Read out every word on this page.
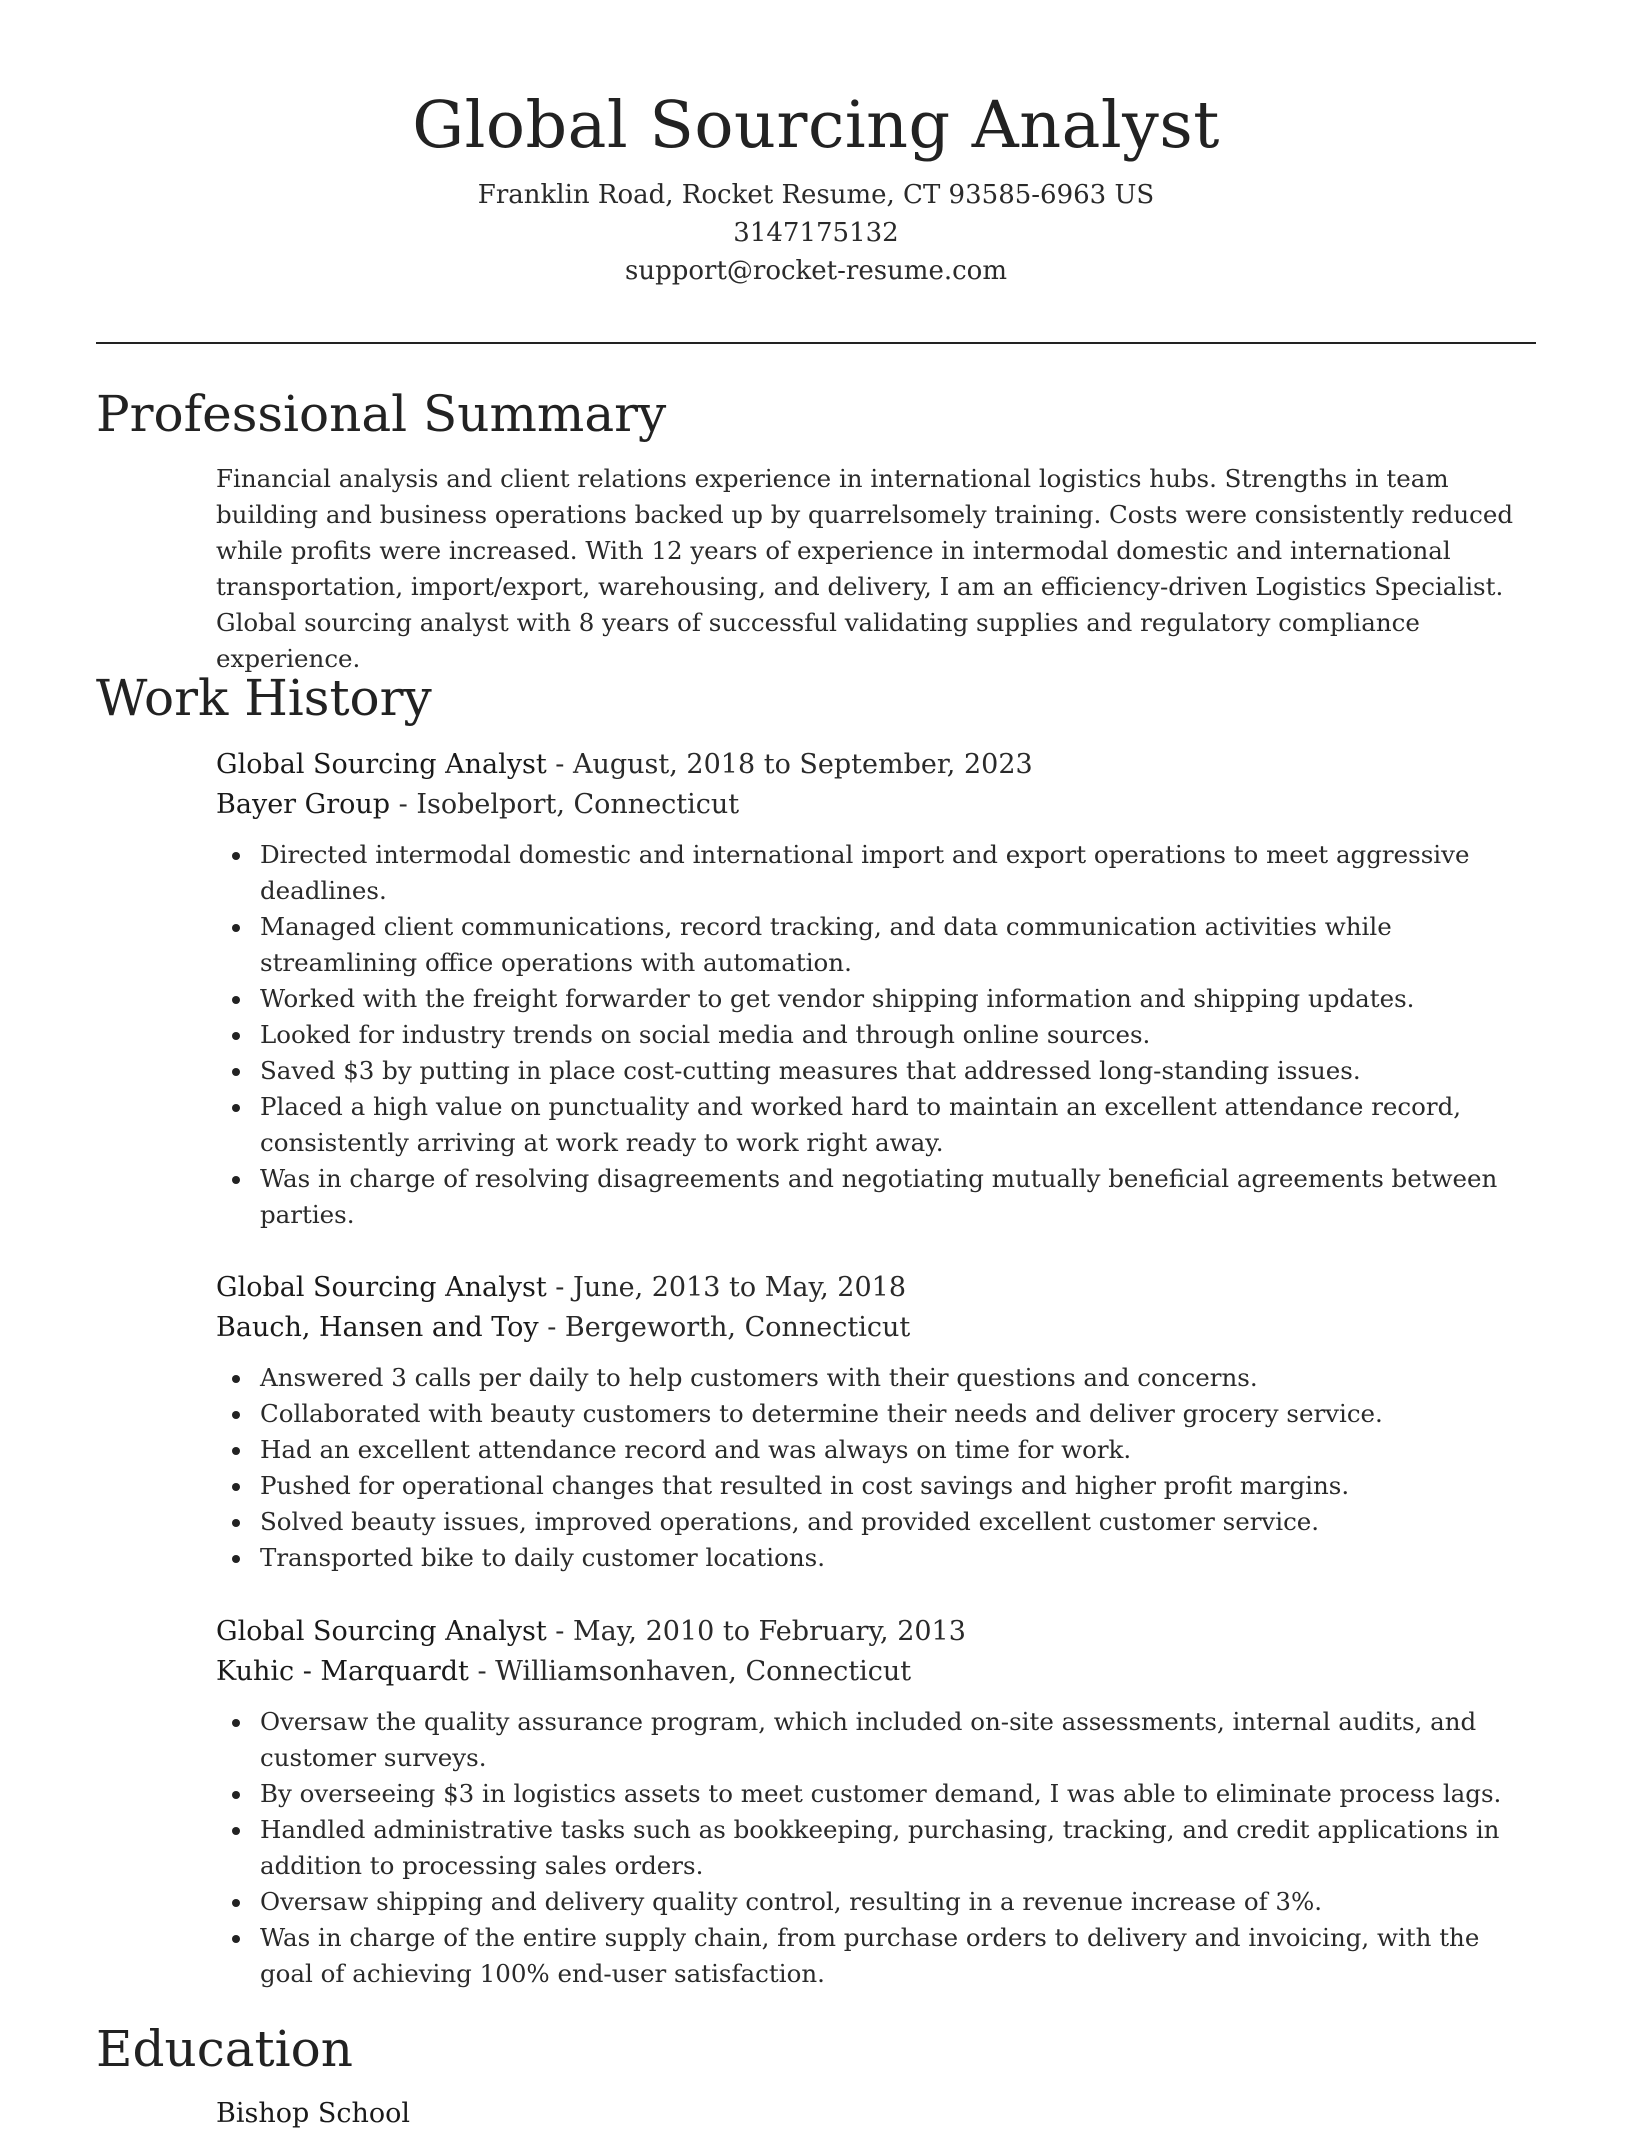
Global Sourcing Analyst
Franklin Road, Rocket Resume, CT 93585-6963 US
3147175132
support@rocket-resume.com
Professional Summary

Financial analysis and client relations experience in international logistics hubs. Strengths in team building and business operations backed up by quarrelsomely training. Costs were consistently reduced while profits were increased. With 12 years of experience in intermodal domestic and international transportation, import/export, warehousing, and delivery, I am an efficiency-driven Logistics Specialist. Global sourcing analyst with 8 years of successful validating supplies and regulatory compliance experience.

Work History
Global Sourcing Analyst - August, 2018 to September, 2023
Bayer Group - Isobelport, Connecticut
Directed intermodal domestic and international import and export operations to meet aggressive deadlines.
Managed client communications, record tracking, and data communication activities while streamlining office operations with automation.
Worked with the freight forwarder to get vendor shipping information and shipping updates.
Looked for industry trends on social media and through online sources.
Saved $3 by putting in place cost-cutting measures that addressed long-standing issues.
Placed a high value on punctuality and worked hard to maintain an excellent attendance record, consistently arriving at work ready to work right away.
Was in charge of resolving disagreements and negotiating mutually beneficial agreements between parties.
Global Sourcing Analyst - June, 2013 to May, 2018
Bauch, Hansen and Toy - Bergeworth, Connecticut
Answered 3 calls per daily to help customers with their questions and concerns.
Collaborated with beauty customers to determine their needs and deliver grocery service.
Had an excellent attendance record and was always on time for work.
Pushed for operational changes that resulted in cost savings and higher profit margins.
Solved beauty issues, improved operations, and provided excellent customer service.
Transported bike to daily customer locations.
Global Sourcing Analyst - May, 2010 to February, 2013
Kuhic - Marquardt - Williamsonhaven, Connecticut
Oversaw the quality assurance program, which included on-site assessments, internal audits, and customer surveys.
By overseeing $3 in logistics assets to meet customer demand, I was able to eliminate process lags.
Handled administrative tasks such as bookkeeping, purchasing, tracking, and credit applications in addition to processing sales orders.
Oversaw shipping and delivery quality control, resulting in a revenue increase of 3%.
Was in charge of the entire supply chain, from purchase orders to delivery and invoicing, with the goal of achieving 100% end-user satisfaction.
Education
Bishop School
